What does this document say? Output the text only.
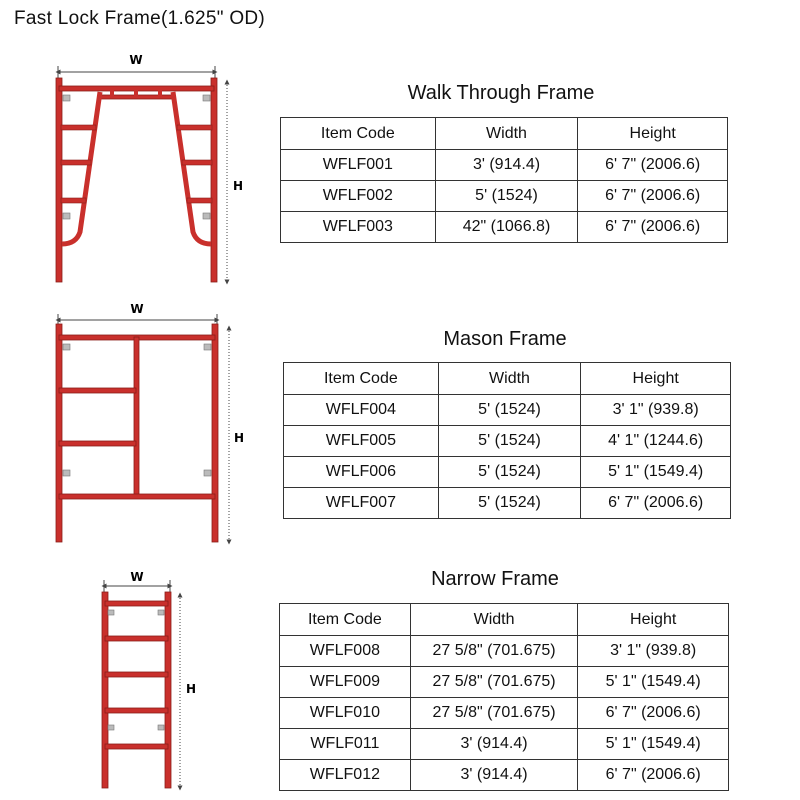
Fast Lock Frame(1.625" OD)
W
H
W
H
W
H
Walk Through Frame
Mason Frame
Narrow Frame
Item Code	Width	Height
WFLF001	3' (914.4)	6' 7" (2006.6)
WFLF002	5' (1524)	6' 7" (2006.6)
WFLF003	42" (1066.8)	6' 7" (2006.6)
Item Code	Width	Height
WFLF004	5' (1524)	3' 1" (939.8)
WFLF005	5' (1524)	4' 1" (1244.6)
WFLF006	5' (1524)	5' 1" (1549.4)
WFLF007	5' (1524)	6' 7" (2006.6)
Item Code	Width	Height
WFLF008	27 5/8" (701.675)	3' 1" (939.8)
WFLF009	27 5/8" (701.675)	5' 1" (1549.4)
WFLF010	27 5/8" (701.675)	6' 7" (2006.6)
WFLF011	3' (914.4)	5' 1" (1549.4)
WFLF012	3' (914.4)	6' 7" (2006.6)
